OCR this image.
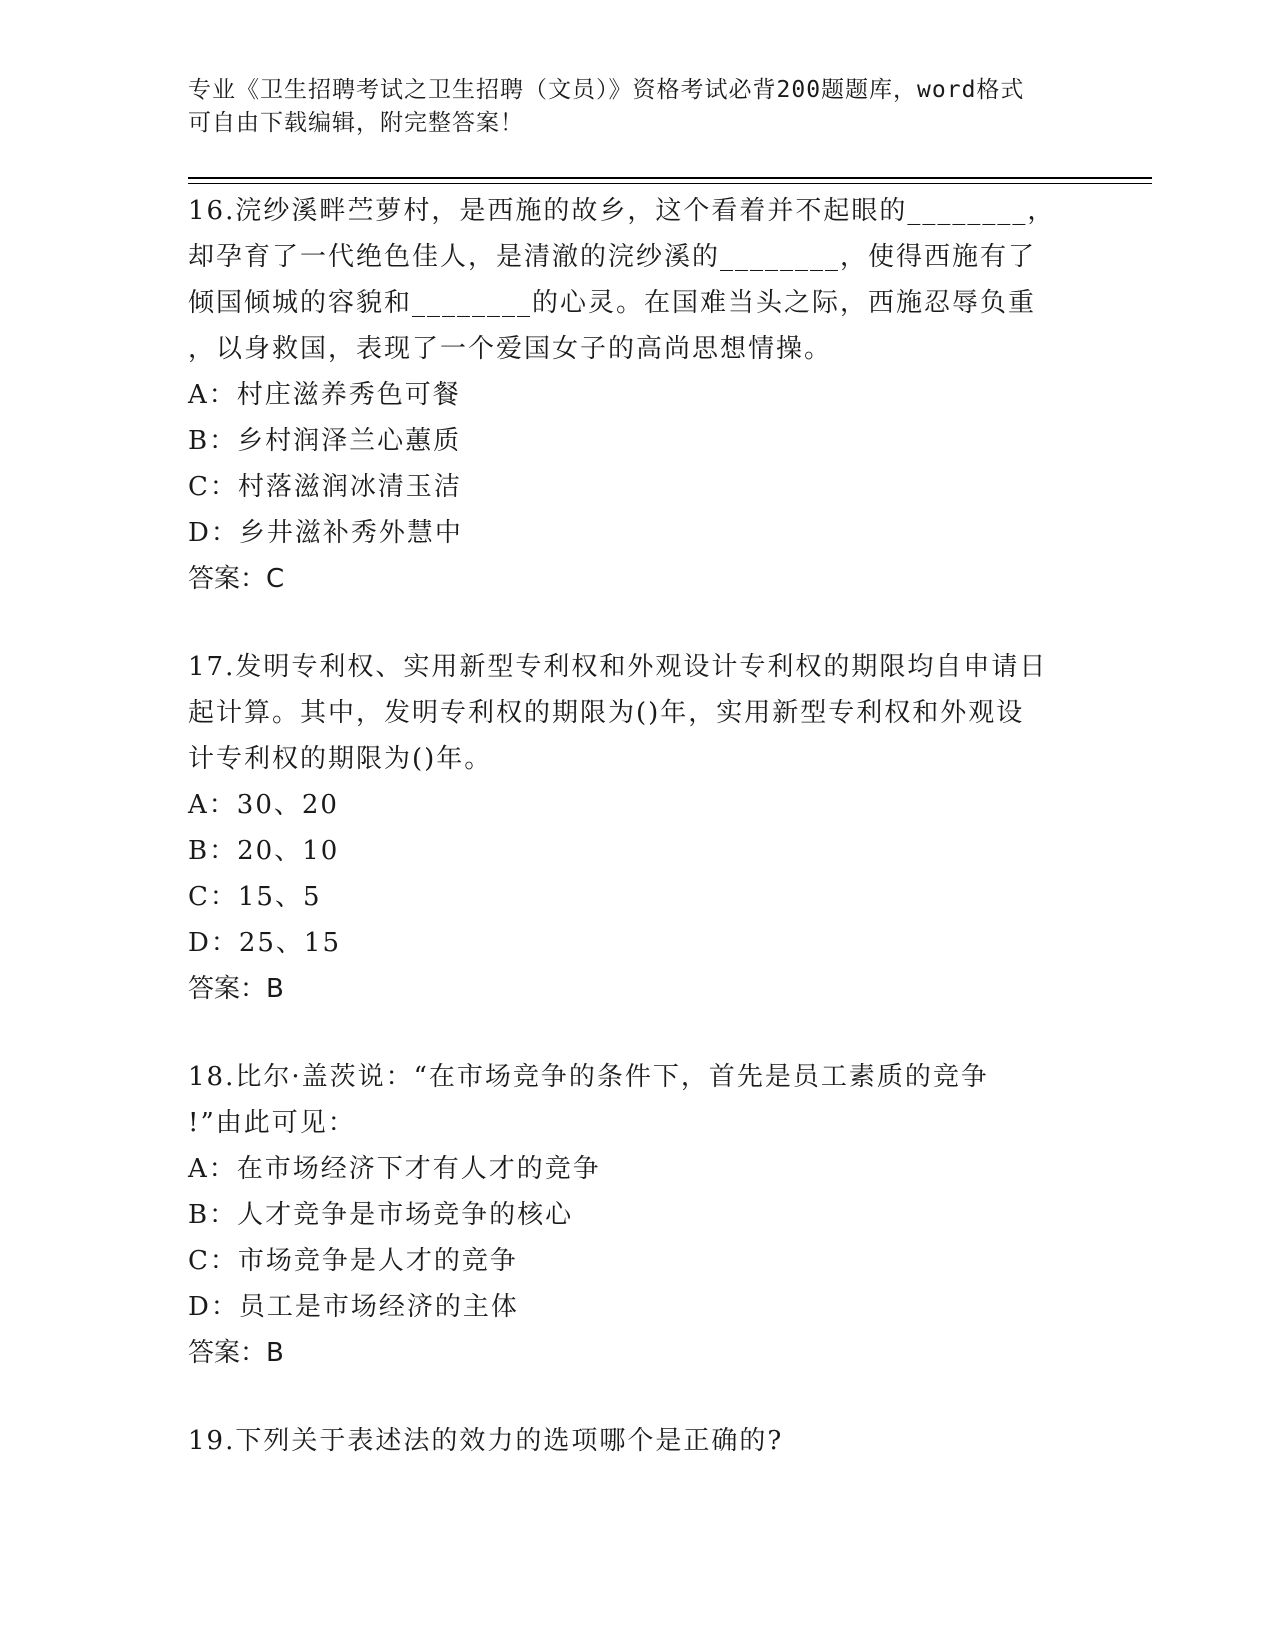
专业《卫生招聘考试之卫生招聘（文员）》资格考试必背200题题库，word格式
可自由下载编辑，附完整答案！
16.浣纱溪畔苎萝村，是西施的故乡，这个看着并不起眼的________，
却孕育了一代绝色佳人，是清澈的浣纱溪的________，使得西施有了
倾国倾城的容貌和________的心灵。在国难当头之际，西施忍辱负重
，以身救国，表现了一个爱国女子的高尚思想情操。
A：村庄滋养秀色可餐
B：乡村润泽兰心蕙质
C：村落滋润冰清玉洁
D：乡井滋补秀外慧中
答案：C
17.发明专利权、实用新型专利权和外观设计专利权的期限均自申请日
起计算。其中，发明专利权的期限为()年，实用新型专利权和外观设
计专利权的期限为()年。
A：30、20
B：20、10
C：15、5
D：25、15
答案：B
18.比尔·盖茨说：“在市场竞争的条件下，首先是员工素质的竞争
!”由此可见：
A：在市场经济下才有人才的竞争
B：人才竞争是市场竞争的核心
C：市场竞争是人才的竞争
D：员工是市场经济的主体
答案：B
19.下列关于表述法的效力的选项哪个是正确的?
